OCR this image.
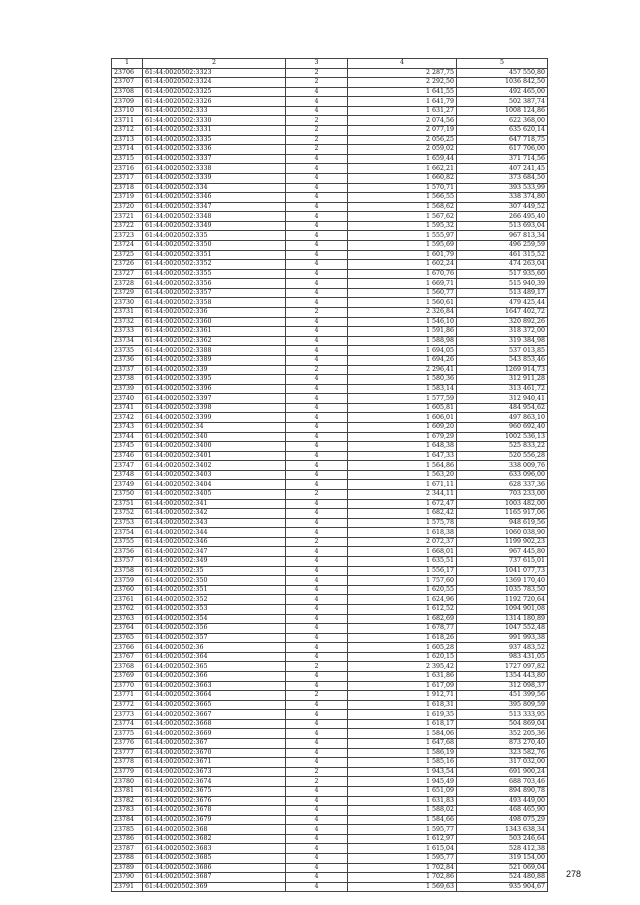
1	2	3	4	5
23706	61:44:0020502:3323	2	2 287,75	457 550,80
23707	61:44:0020502:3324	2	2 292,50	1036 842,50
23708	61:44:0020502:3325	4	1 641,55	492 465,00
23709	61:44:0020502:3326	4	1 641,79	502 387,74
23710	61:44:0020502:333	4	1 631,27	1008 124,86
23711	61:44:0020502:3330	2	2 074,56	622 368,00
23712	61:44:0020502:3331	2	2 077,19	635 620,14
23713	61:44:0020502:3335	2	2 056,25	647 718,75
23714	61:44:0020502:3336	2	2 059,02	617 706,00
23715	61:44:0020502:3337	4	1 659,44	371 714,56
23716	61:44:0020502:3338	4	1 662,21	407 241,45
23717	61:44:0020502:3339	4	1 660,82	373 684,50
23718	61:44:0020502:334	4	1 570,71	393 533,99
23719	61:44:0020502:3346	4	1 566,55	338 374,80
23720	61:44:0020502:3347	4	1 568,62	307 449,52
23721	61:44:0020502:3348	4	1 567,62	266 495,40
23722	61:44:0020502:3349	4	1 595,32	513 693,04
23723	61:44:0020502:335	4	1 555,97	967 813,34
23724	61:44:0020502:3350	4	1 595,69	496 259,59
23725	61:44:0020502:3351	4	1 601,79	461 315,52
23726	61:44:0020502:3352	4	1 602,24	474 263,04
23727	61:44:0020502:3355	4	1 670,76	517 935,60
23728	61:44:0020502:3356	4	1 669,71	515 940,39
23729	61:44:0020502:3357	4	1 560,77	513 489,17
23730	61:44:0020502:3358	4	1 560,61	479 425,44
23731	61:44:0020502:336	2	2 326,84	1647 402,72
23732	61:44:0020502:3360	4	1 546,10	320 892,26
23733	61:44:0020502:3361	4	1 591,86	318 372,00
23734	61:44:0020502:3362	4	1 588,98	319 384,98
23735	61:44:0020502:3388	4	1 694,05	537 013,85
23736	61:44:0020502:3389	4	1 694,26	543 853,46
23737	61:44:0020502:339	2	2 296,41	1269 914,73
23738	61:44:0020502:3395	4	1 580,36	312 911,28
23739	61:44:0020502:3396	4	1 583,14	313 461,72
23740	61:44:0020502:3397	4	1 577,59	312 940,41
23741	61:44:0020502:3398	4	1 605,81	484 954,62
23742	61:44:0020502:3399	4	1 606,01	497 863,10
23743	61:44:0020502:34	4	1 609,20	960 692,40
23744	61:44:0020502:340	4	1 679,29	1002 536,13
23745	61:44:0020502:3400	4	1 648,38	525 833,22
23746	61:44:0020502:3401	4	1 647,33	520 556,28
23747	61:44:0020502:3402	4	1 564,86	338 009,76
23748	61:44:0020502:3403	4	1 563,20	633 096,00
23749	61:44:0020502:3404	4	1 671,11	628 337,36
23750	61:44:0020502:3405	2	2 344,11	703 233,00
23751	61:44:0020502:341	4	1 672,47	1003 482,00
23752	61:44:0020502:342	4	1 682,42	1165 917,06
23753	61:44:0020502:343	4	1 575,78	948 619,56
23754	61:44:0020502:344	4	1 618,38	1060 038,90
23755	61:44:0020502:346	2	2 072,37	1199 902,23
23756	61:44:0020502:347	4	1 668,01	967 445,80
23757	61:44:0020502:349	4	1 635,51	737 615,01
23758	61:44:0020502:35	4	1 556,17	1041 077,73
23759	61:44:0020502:350	4	1 757,60	1369 170,40
23760	61:44:0020502:351	4	1 620,55	1035 783,50
23761	61:44:0020502:352	4	1 624,96	1192 720,64
23762	61:44:0020502:353	4	1 612,52	1094 901,08
23763	61:44:0020502:354	4	1 682,69	1314 180,89
23764	61:44:0020502:356	4	1 678,77	1047 552,48
23765	61:44:0020502:357	4	1 618,26	991 993,38
23766	61:44:0020502:36	4	1 605,28	937 483,52
23767	61:44:0020502:364	4	1 620,15	983 431,05
23768	61:44:0020502:365	2	2 395,42	1727 097,82
23769	61:44:0020502:366	4	1 631,86	1354 443,80
23770	61:44:0020502:3663	4	1 617,09	312 098,37
23771	61:44:0020502:3664	2	1 912,71	451 399,56
23772	61:44:0020502:3665	4	1 618,31	395 809,59
23773	61:44:0020502:3667	4	1 619,35	513 333,95
23774	61:44:0020502:3668	4	1 618,17	504 869,04
23775	61:44:0020502:3669	4	1 584,06	352 205,36
23776	61:44:0020502:367	4	1 647,68	873 270,40
23777	61:44:0020502:3670	4	1 586,19	323 582,76
23778	61:44:0020502:3671	4	1 585,16	317 032,00
23779	61:44:0020502:3673	2	1 943,54	691 900,24
23780	61:44:0020502:3674	2	1 945,49	688 703,46
23781	61:44:0020502:3675	4	1 651,09	894 890,78
23782	61:44:0020502:3676	4	1 631,83	493 449,00
23783	61:44:0020502:3678	4	1 588,02	468 465,90
23784	61:44:0020502:3679	4	1 584,66	498 075,29
23785	61:44:0020502:368	4	1 595,77	1343 638,34
23786	61:44:0020502:3682	4	1 612,97	503 246,64
23787	61:44:0020502:3683	4	1 615,04	528 412,38
23788	61:44:0020502:3685	4	1 595,77	319 154,00
23789	61:44:0020502:3686	4	1 702,84	521 069,04
23790	61:44:0020502:3687	4	1 702,86	524 480,88
23791	61:44:0020502:369	4	1 569,63	935 904,67
278
